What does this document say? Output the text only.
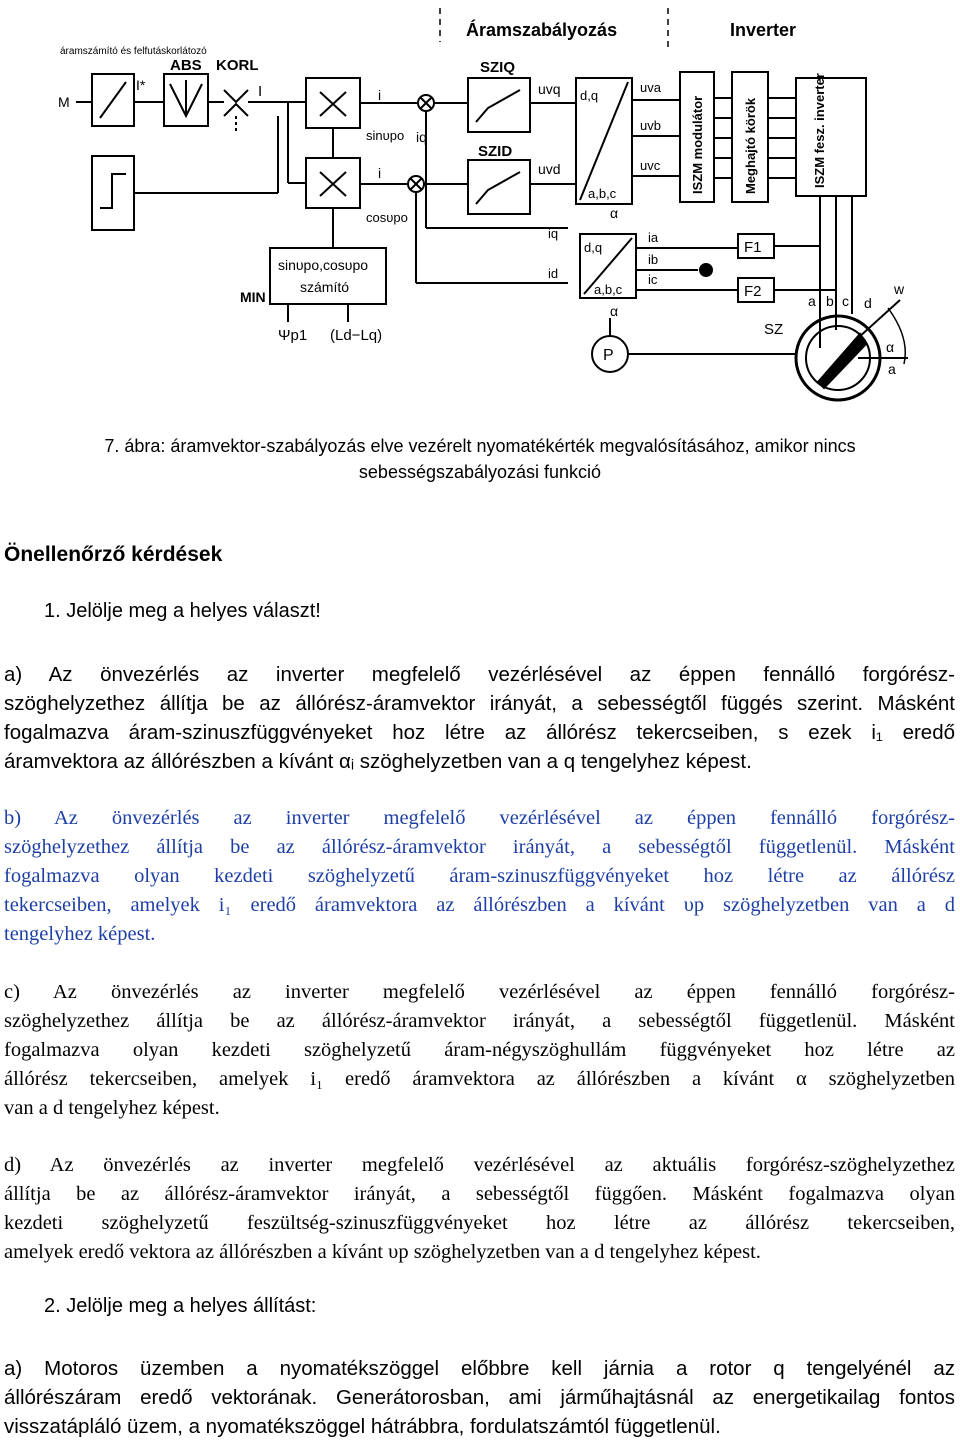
áramszámító és felfutáskorlátozó
Áramszabályozás	Inverter
M
I*
ABS KORL
I	i
sinυpo
i
cosυpo
sinυpo,cosυpo
számító
MIN
Ψp1 (Ld−Lq)
iq
SZIQ
SZID
uvq
uvd
d,q
a,b,c
α
uva
uvb
uvc ISZM modulátor	Meghajtó körök	ISZM fesz. inverter
a b c
d,q
a,b,c
iq
id
ia
ib
ic
α
F1
F2
SZ
d
w
α
a
P
7. ábra: áramvektor-szabályozás elve vezérelt nyomatékérték megvalósításához, amikor nincs
sebességszabályozási funkció
Önellenőrző kérdések
1. Jelölje meg a helyes választ!

a) Az önvezérlés az inverter megfelelő vezérlésével az éppen fennálló forgórész-
szöghelyzethez állítja be az állórész-áramvektor irányát, a sebességtől függés szerint. Másként
fogalmazva áram-szinuszfüggvényeket hoz létre az állórész tekercseiben, s ezek i₁ eredő
áramvektora az állórészben a kívánt αᵢ szöghelyzetben van a q tengelyhez képest.

b) Az önvezérlés az inverter megfelelő vezérlésével az éppen fennálló forgórész-
szöghelyzethez állítja be az állórész-áramvektor irányát, a sebességtől függetlenül. Másként
fogalmazva olyan kezdeti szöghelyzetű áram-szinuszfüggvényeket hoz létre az állórész
tekercseiben, amelyek i₁ eredő áramvektora az állórészben a kívánt υp szöghelyzetben van a d
tengelyhez képest.

c) Az önvezérlés az inverter megfelelő vezérlésével az éppen fennálló forgórész-
szöghelyzethez állítja be az állórész-áramvektor irányát, a sebességtől függetlenül. Másként
fogalmazva olyan kezdeti szöghelyzetű áram-négyszöghullám függvényeket hoz létre az
állórész tekercseiben, amelyek i₁ eredő áramvektora az állórészben a kívánt α szöghelyzetben
van a d tengelyhez képest.

d) Az önvezérlés az inverter megfelelő vezérlésével az aktuális forgórész-szöghelyzethez
állítja be az állórész-áramvektor irányát, a sebességtől függően. Másként fogalmazva olyan
kezdeti szöghelyzetű feszültség-szinuszfüggvényeket hoz létre az állórész tekercseiben,
amelyek eredő vektora az állórészben a kívánt υp szöghelyzetben van a d tengelyhez képest.

2. Jelölje meg a helyes állítást:

a) Motoros üzemben a nyomatékszöggel előbbre kell járnia a rotor q tengelyénél az
állórészáram eredő vektorának. Generátorosban, ami járműhajtásnál az energetikailag fontos
visszatápláló üzem, a nyomatékszöggel hátrábbra, fordulatszámtól függetlenül.
